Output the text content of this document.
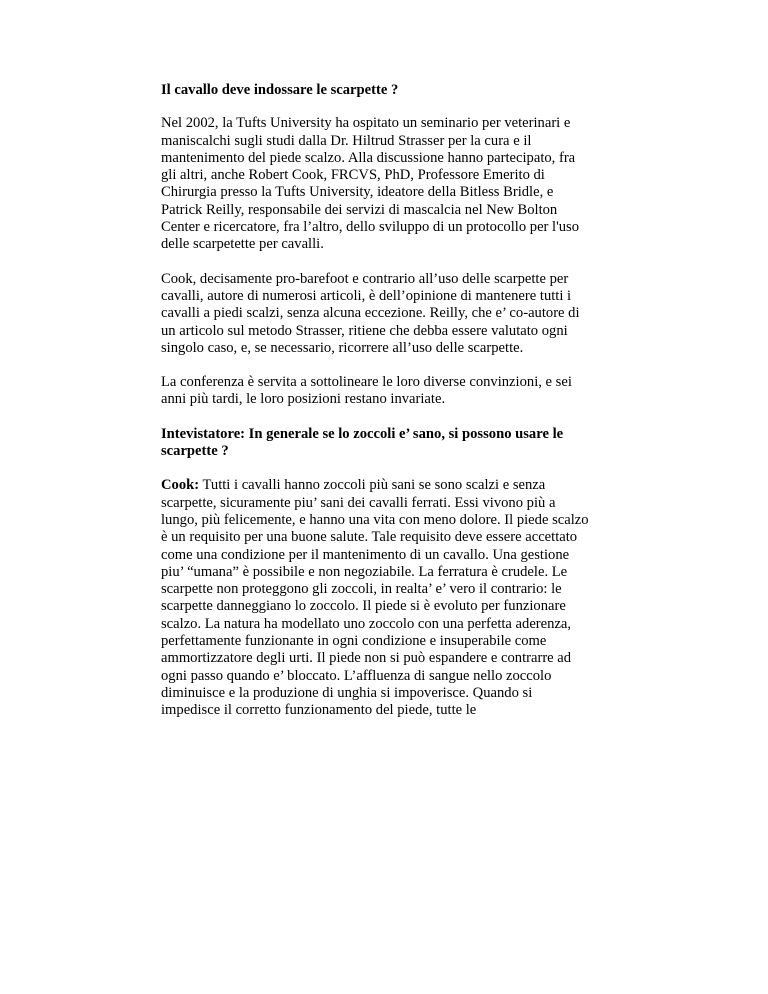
Il cavallo deve indossare le scarpette ?

Nel 2002, la Tufts University ha ospitato un seminario per veterinari e maniscalchi sugli studi dalla Dr. Hiltrud Strasser per la cura e il mantenimento del piede scalzo. Alla discussione hanno partecipato, fra gli altri, anche Robert Cook, FRCVS, PhD, Professore Emerito di Chirurgia presso la Tufts University, ideatore della Bitless Bridle, e Patrick Reilly, responsabile dei servizi di mascalcia nel New Bolton Center e ricercatore, fra l’altro, dello sviluppo di un protocollo per l'uso delle scarpetette per cavalli.

Cook, decisamente pro-barefoot e contrario all’uso delle scarpette per cavalli, autore di numerosi articoli, è dell’opinione di mantenere tutti i cavalli a piedi scalzi, senza alcuna eccezione. Reilly, che e’ co-autore di un articolo sul metodo Strasser, ritiene che debba essere valutato ogni singolo caso, e, se necessario, ricorrere all’uso delle scarpette.

La conferenza è servita a sottolineare le loro diverse convinzioni, e sei anni più tardi, le loro posizioni restano invariate.

Intevistatore: In generale se lo zoccoli e’ sano, si possono usare le scarpette ?

Cook: Tutti i cavalli hanno zoccoli più sani se sono scalzi e senza scarpette, sicuramente piu’ sani dei cavalli ferrati. Essi vivono più a lungo, più felicemente, e hanno una vita con meno dolore. Il piede scalzo è un requisito per una buone salute. Tale requisito deve essere accettato come una condizione per il mantenimento di un cavallo. Una gestione piu’ “umana” è possibile e non negoziabile. La ferratura è crudele. Le scarpette non proteggono gli zoccoli, in realta’ e’ vero il contrario: le scarpette danneggiano lo zoccolo. Il piede si è evoluto per funzionare scalzo. La natura ha modellato uno zoccolo con una perfetta aderenza, perfettamente funzionante in ogni condizione e insuperabile come ammortizzatore degli urti. Il piede non si può espandere e contrarre ad ogni passo quando e’ bloccato. L’affluenza di sangue nello zoccolo diminuisce e la produzione di unghia si impoverisce. Quando si impedisce il corretto funzionamento del piede, tutte le
